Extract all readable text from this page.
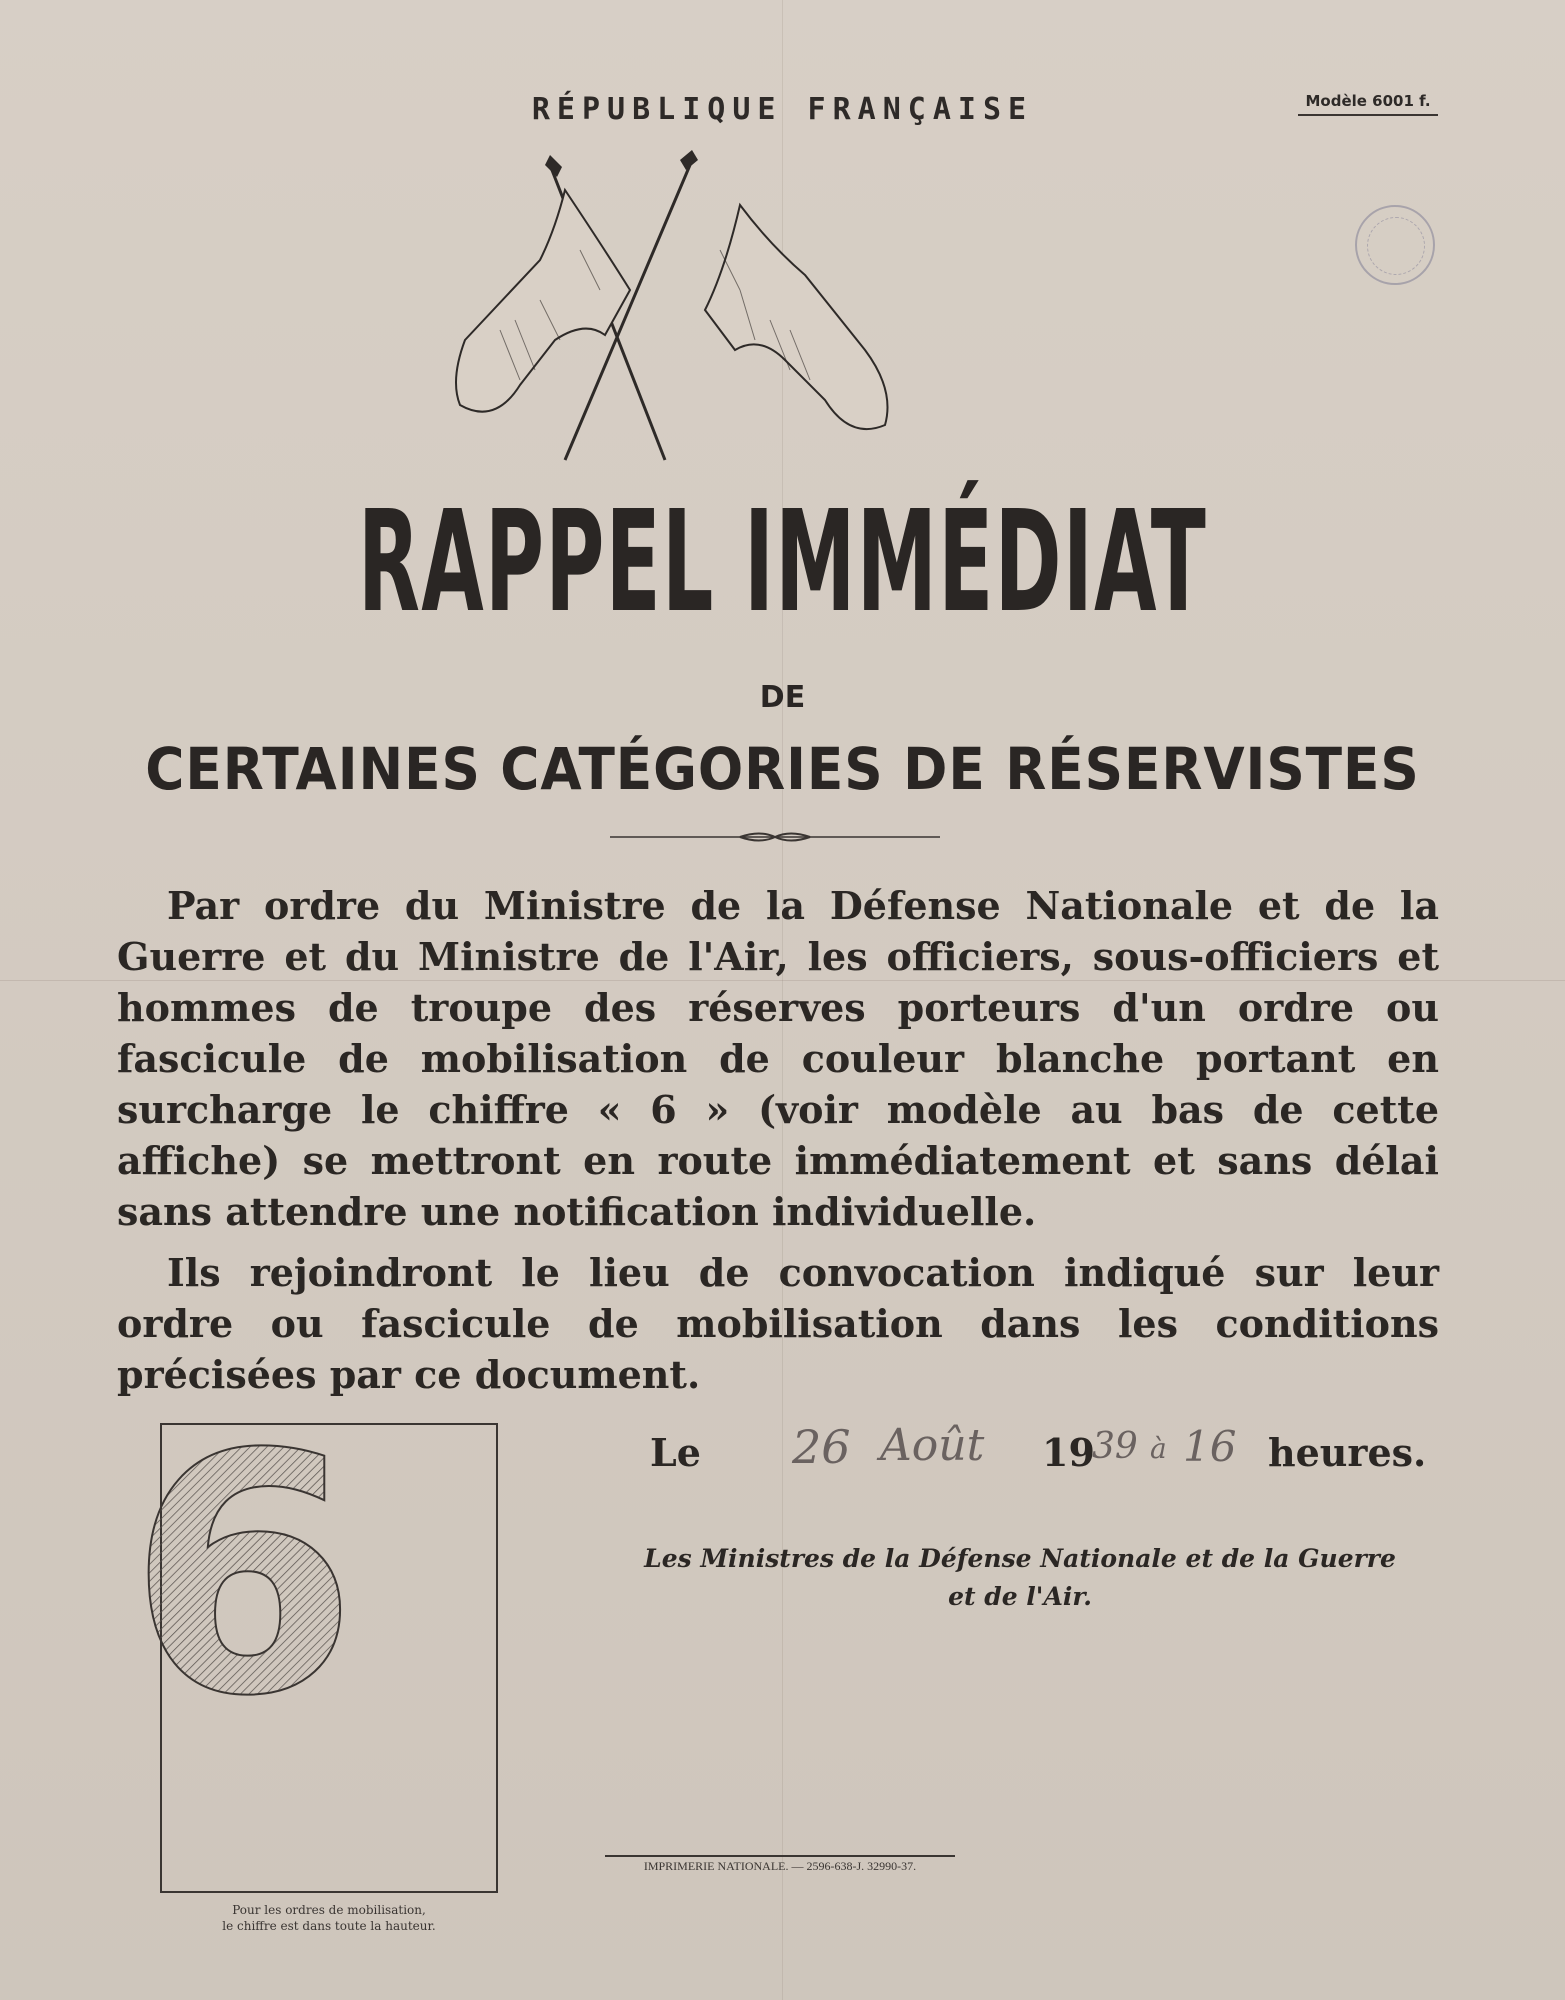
RÉPUBLIQUE FRANÇAISE	Modèle 6001 f.
RAPPEL IMMÉDIAT
DE
CERTAINES CATÉGORIES DE RÉSERVISTES

Par ordre du Ministre de la Défense Nationale et de la Guerre et du Ministre de l'Air, les officiers, sous-officiers et hommes de troupe des réserves porteurs d'un ordre ou fascicule de mobilisation de couleur blanche portant en surcharge le chiffre « 6 » (voir modèle au bas de cette affiche) se mettront en route immédiatement et sans délai sans attendre une notification individuelle.

Ils rejoindront le lieu de convocation indiqué sur leur ordre ou fascicule de mobilisation dans les conditions précisées par ce document.

6
Pour les ordres de mobilisation,
le chiffre est dans toute la hauteur.
Le 26 Août 19
39 à 16 heures.
Les Ministres de la Défense Nationale et de la Guerre
et de l'Air.
IMPRIMERIE NATIONALE. — 2596-638-J. 32990-37.
